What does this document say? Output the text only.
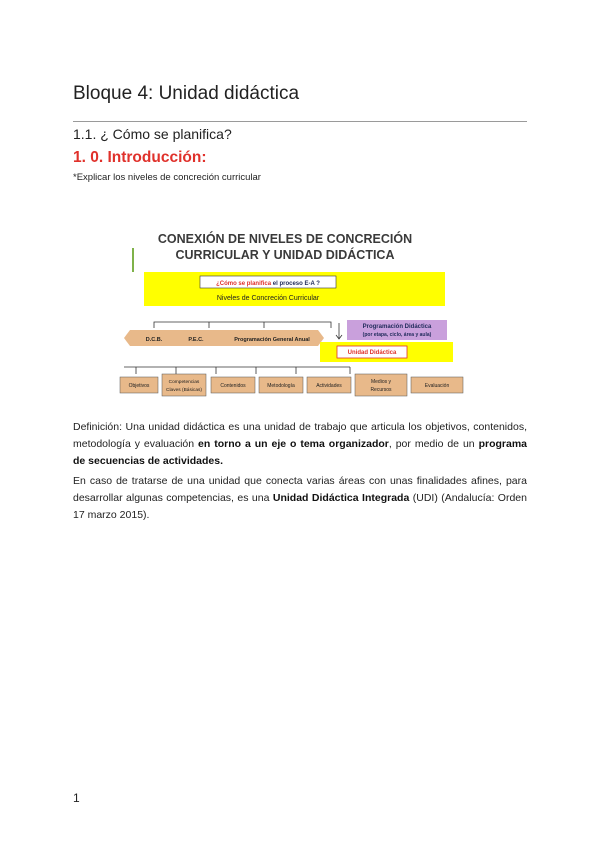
Bloque 4: Unidad didáctica
1.1. ¿ Cómo se planifica?
1. 0. Introducción:
*Explicar los niveles de concreción curricular
CONEXIÓN DE NIVELES DE CONCRECIÓN
CURRICULAR Y UNIDAD DIDÁCTICA
¿Cómo se planifica el proceso E-A ?
Niveles de Concreción Curricular
D.C.B.	P.E.C.	Programación General Anual
Programación Didáctica
(por etapa, ciclo, área y aula)
Unidad Didáctica
Objetivos
Competencias
Claves (Básicas)
Contenidos	Metodología	Actividades
Medios y
Recursos
Evaluación

Definición: Una unidad didáctica es una unidad de trabajo que articula los objetivos, contenidos, metodología y evaluación en torno a un eje o tema organizador, por medio de un programa de secuencias de actividades.

En caso de tratarse de una unidad que conecta varias áreas con unas finalidades afines, para desarrollar algunas competencias, es una Unidad Didáctica Integrada (UDI) (Andalucía: Orden 17 marzo 2015).

1
